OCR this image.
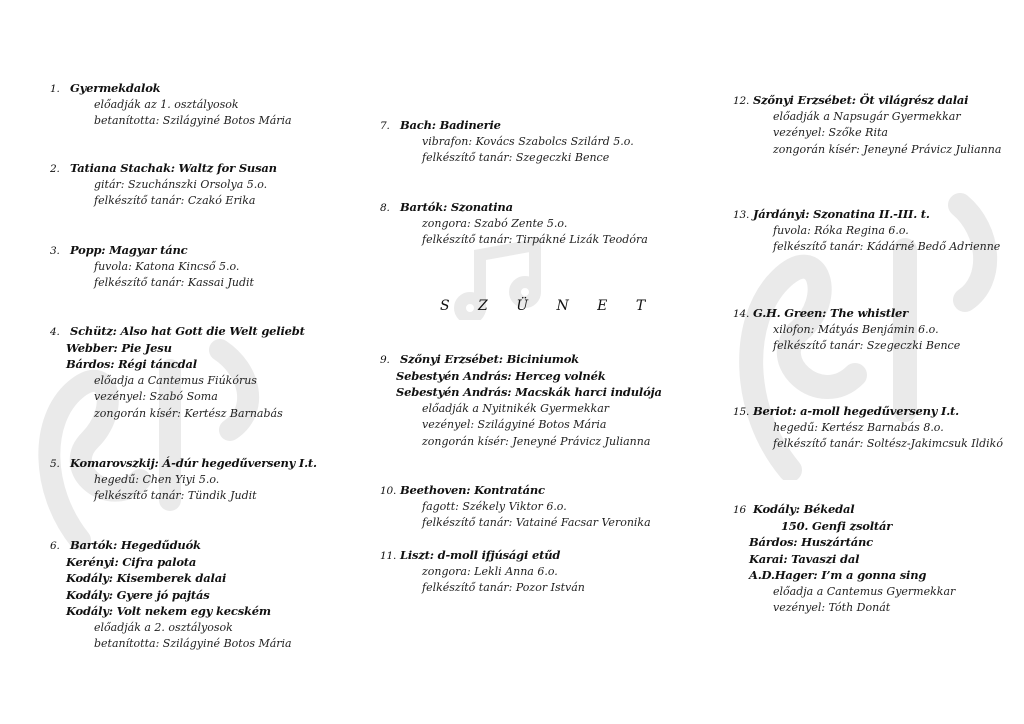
1. Gyermekdalok
előadják az 1. osztályosok
betanította: Szilágyiné Botos Mária
2. Tatiana Stachak: Waltz for Susan
gitár: Szuchánszki Orsolya 5.o.
felkészítő tanár: Czakó Erika
3. Popp: Magyar tánc
fuvola: Katona Kincső 5.o.
felkészítő tanár: Kassai Judit
4. Schütz: Also hat Gott die Welt geliebt
Webber: Pie Jesu
Bárdos: Régi táncdal
előadja a Cantemus Fiúkórus
vezényel: Szabó Soma
zongorán kísér: Kertész Barnabás
5. Komarovszkij: Á-dúr hegedűverseny I.t.
hegedű: Chen Yiyi 5.o.
felkészítő tanár: Tündik Judit
6. Bartók: Hegedűduók
Kerényi: Cifra palota
Kodály: Kisemberek dalai
Kodály: Gyere jó pajtás
Kodály: Volt nekem egy kecském
előadják a 2. osztályosok
betanította: Szilágyiné Botos Mária
7. Bach: Badinerie
vibrafon: Kovács Szabolcs Szilárd 5.o.
felkészítő tanár: Szegeczki Bence
8. Bartók: Szonatina
zongora: Szabó Zente 5.o.
felkészítő tanár: Tirpákné Lizák Teodóra
9. Szőnyi Erzsébet: Biciniumok
Sebestyén András: Herceg volnék
Sebestyén András: Macskák harci indulója
előadják a Nyitnikék Gyermekkar
vezényel: Szilágyiné Botos Mária
zongorán kísér: Jeneyné Právicz Julianna
10. Beethoven: Kontratánc
fagott: Székely Viktor 6.o.
felkészítő tanár: Vatainé Facsar Veronika
11. Liszt: d-moll ifjúsági etűd
zongora: Lekli Anna 6.o.
felkészítő tanár: Pozor István
12. Szőnyi Erzsébet: Öt világrész dalai
előadják a Napsugár Gyermekkar
vezényel: Szőke Rita
zongorán kísér: Jeneyné Právicz Julianna
13. Járdányi: Szonatina II.-III. t.
fuvola: Róka Regina 6.o.
felkészítő tanár: Kádárné Bedő Adrienne
14. G.H. Green: The whistler
xilofon: Mátyás Benjámin 6.o.
felkészítő tanár: Szegeczki Bence
15. Beriot: a-moll hegedűverseny I.t.
hegedű: Kertész Barnabás 8.o.
felkészítő tanár: Soltész-Jakimcsuk Ildikó
16 Kodály: Békedal
150. Genfi zsoltár
Bárdos: Huszártánc
Karai: Tavaszi dal
A.D.Hager: I’m a gonna sing
előadja a Cantemus Gyermekkar
vezényel: Tóth Donát
S Z Ü N E T
